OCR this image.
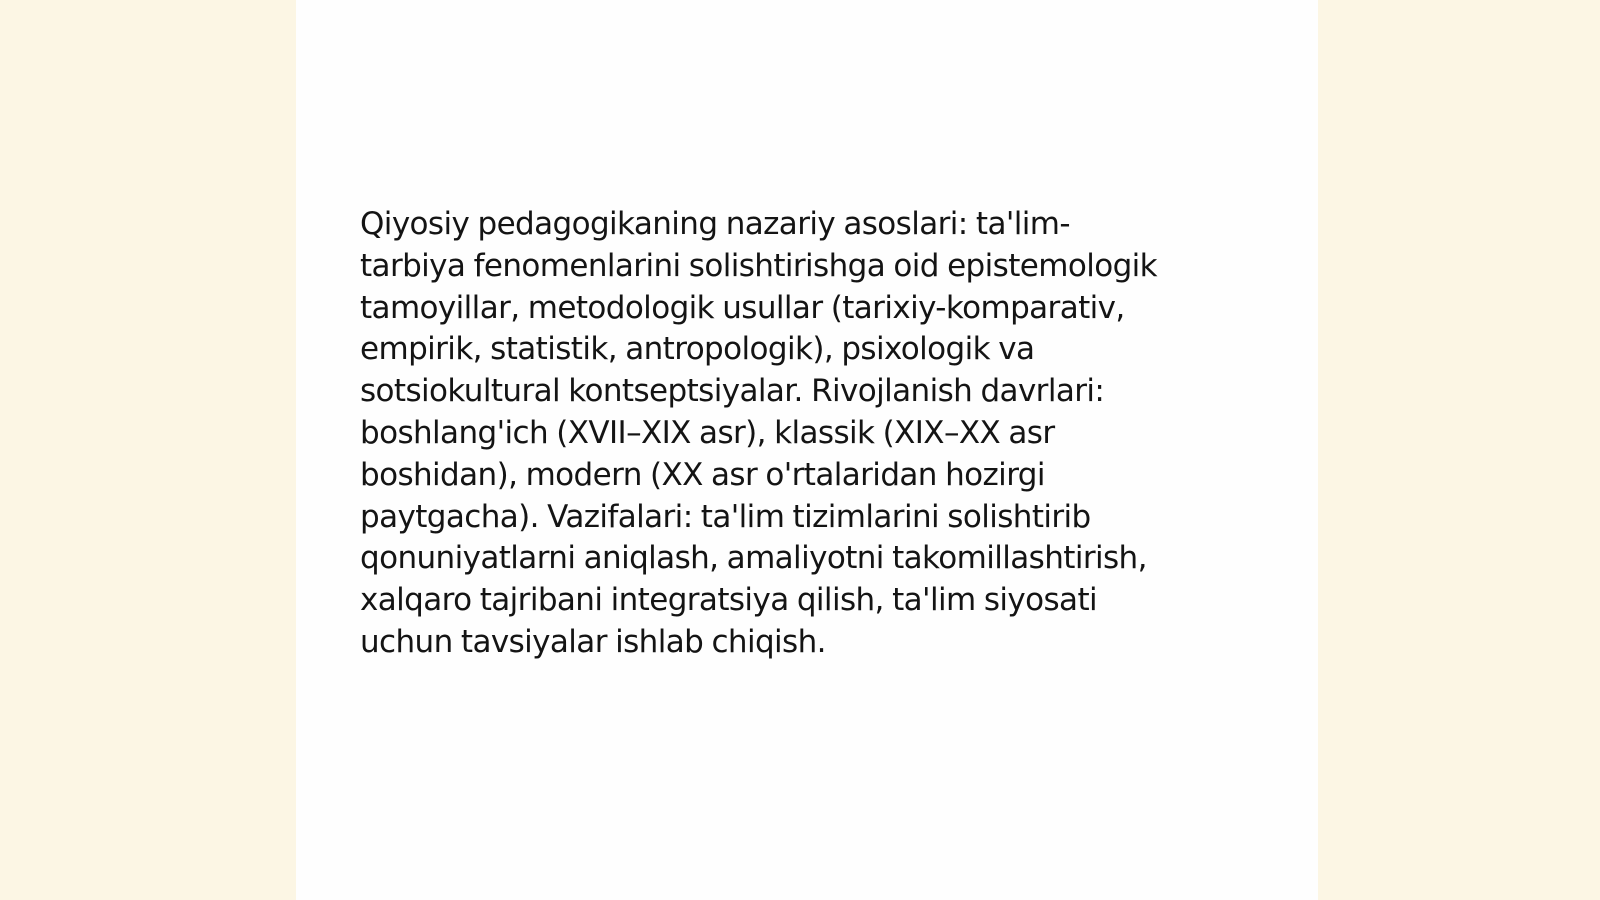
Qiyosiy pedagogikaning nazariy asoslari: ta'lim-
tarbiya fenomenlarini solishtirishga oid epistemologik
tamoyillar, metodologik usullar (tarixiy-komparativ,
empirik, statistik, antropologik), psixologik va
sotsiokultural kontseptsiyalar. Rivojlanish davrlari:
boshlang'ich (XVII–XIX asr), klassik (XIX–XX asr
boshidan), modern (XX asr o'rtalaridan hozirgi
paytgacha). Vazifalari: ta'lim tizimlarini solishtirib
qonuniyatlarni aniqlash, amaliyotni takomillashtirish,
xalqaro tajribani integratsiya qilish, ta'lim siyosati
uchun tavsiyalar ishlab chiqish.
